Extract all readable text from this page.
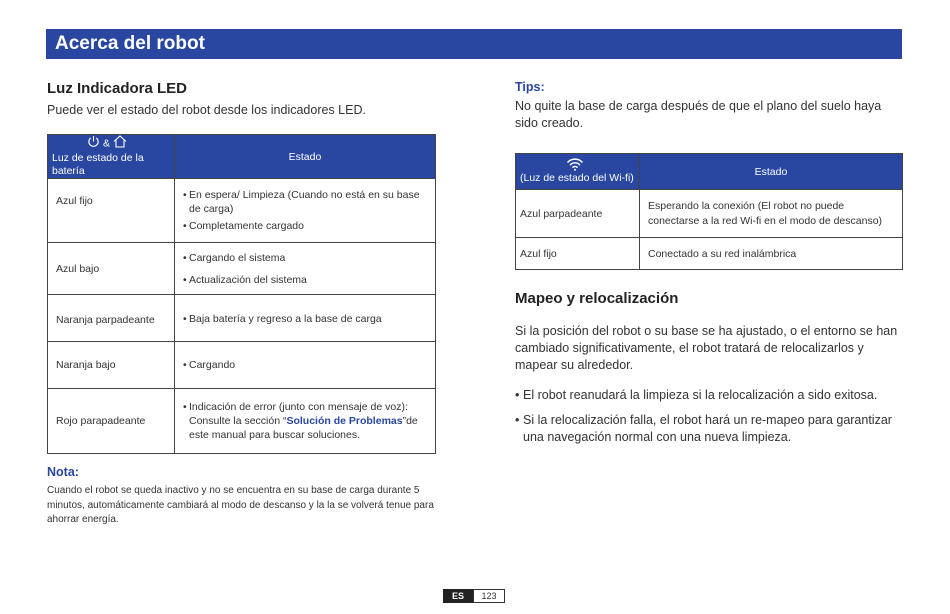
Acerca del robot
Luz Indicadora LED
Puede ver el estado del robot desde los indicadores LED.
&
Luz de estado de la batería	Estado
Azul fijo	• En espera/ Limpieza (Cuando no está en su base de carga)
• Completamente cargado

Azul bajo	• Cargando el sistema
• Actualización del sistema

Naranja parpadeante	• Baja batería y regreso a la base de carga

Naranja bajo	• Cargando

Rojo parapadeante	• Indicación de error (junto con mensaje de voz): Consulte la sección “Solución de Problemas”de este manual para buscar soluciones.
Nota:
Cuando el robot se queda inactivo y no se encuentra en su base de carga durante 5 minutos, automáticamente cambiará al modo de descanso y la la se volverá tenue para ahorrar energía.
Tips:
No quite la base de carga después de que el plano del suelo haya sido creado.
(Luz de estado del Wi-fi)	Estado
Azul parpadeante	Esperando la conexión (El robot no puede conectarse a la red Wi-fi en el modo de descanso)
Azul fijo	Conectado a su red inalámbrica
Mapeo y relocalización
Si la posición del robot o su base se ha ajustado, o el entorno se han cambiado significativamente, el robot tratará de relocalizarlos y mapear su alrededor.
• El robot reanudará la limpieza si la relocalización a sido exitosa.
• Si la relocalización falla, el robot hará un re-mapeo para garantizar una navegación normal con una nueva limpieza.
ES	123
